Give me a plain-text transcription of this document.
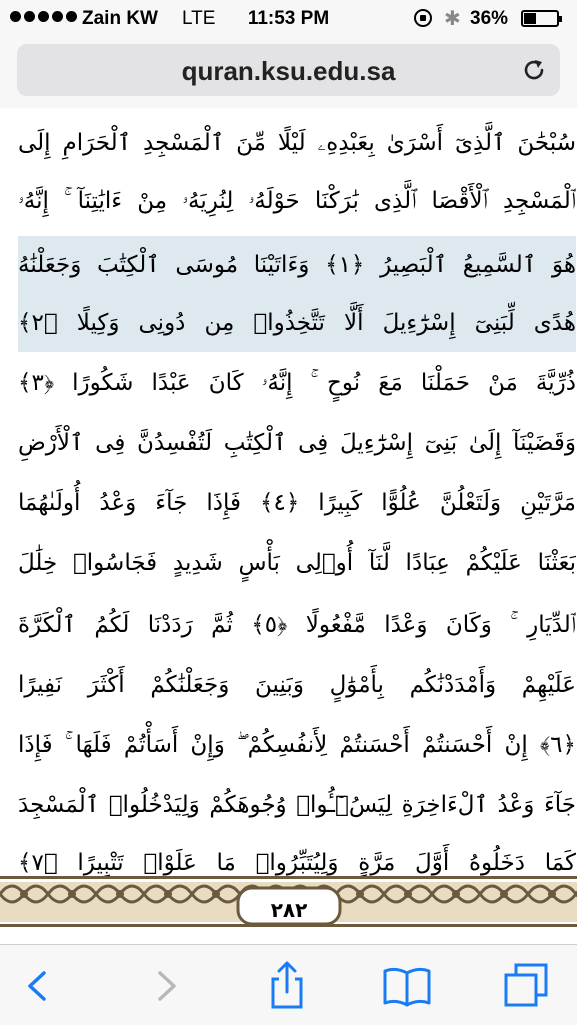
Zain KW LTE	11:53 PM	✱ 36%
quran.ksu.edu.sa
سُبْحَٰنَ ٱلَّذِىٓ أَسْرَىٰ بِعَبْدِهِۦ لَيْلًا مِّنَ ٱلْمَسْجِدِ ٱلْحَرَامِ إِلَى
ٱلْمَسْجِدِ ٱلْأَقْصَا ٱلَّذِى بَٰرَكْنَا حَوْلَهُۥ لِنُرِيَهُۥ مِنْ ءَايَٰتِنَآ ۚ إِنَّهُۥ
هُوَ ٱلسَّمِيعُ ٱلْبَصِيرُ ﴿١﴾ وَءَاتَيْنَا مُوسَى ٱلْكِتَٰبَ وَجَعَلْنَٰهُ
هُدًى لِّبَنِىٓ إِسْرَٰٓءِيلَ أَلَّا تَتَّخِذُوا۟ مِن دُونِى وَكِيلًا ﴿٢﴾
ذُرِّيَّةَ مَنْ حَمَلْنَا مَعَ نُوحٍ ۚ إِنَّهُۥ كَانَ عَبْدًا شَكُورًا ﴿٣﴾
وَقَضَيْنَآ إِلَىٰ بَنِىٓ إِسْرَٰٓءِيلَ فِى ٱلْكِتَٰبِ لَتُفْسِدُنَّ فِى ٱلْأَرْضِ
مَرَّتَيْنِ وَلَتَعْلُنَّ عُلُوًّا كَبِيرًا ﴿٤﴾ فَإِذَا جَآءَ وَعْدُ أُولَىٰهُمَا
بَعَثْنَا عَلَيْكُمْ عِبَادًا لَّنَآ أُو۟لِى بَأْسٍ شَدِيدٍ فَجَاسُوا۟ خِلَٰلَ
ٱلدِّيَارِ ۚ وَكَانَ وَعْدًا مَّفْعُولًا ﴿٥﴾ ثُمَّ رَدَدْنَا لَكُمُ ٱلْكَرَّةَ
عَلَيْهِمْ وَأَمْدَدْنَٰكُم بِأَمْوَٰلٍ وَبَنِينَ وَجَعَلْنَٰكُمْ أَكْثَرَ نَفِيرًا
﴿٦﴾ إِنْ أَحْسَنتُمْ أَحْسَنتُمْ لِأَنفُسِكُمْ ۖ وَإِنْ أَسَأْتُمْ فَلَهَا ۚ فَإِذَا
جَآءَ وَعْدُ ٱلْءَاخِرَةِ لِيَسُۥٓـُٔوا۟ وُجُوهَكُمْ وَلِيَدْخُلُوا۟ ٱلْمَسْجِدَ
كَمَا دَخَلُوهُ أَوَّلَ مَرَّةٍ وَلِيُتَبِّرُوا۟ مَا عَلَوْا۟ تَتْبِيرًا ﴿٧﴾
٢٨٢
